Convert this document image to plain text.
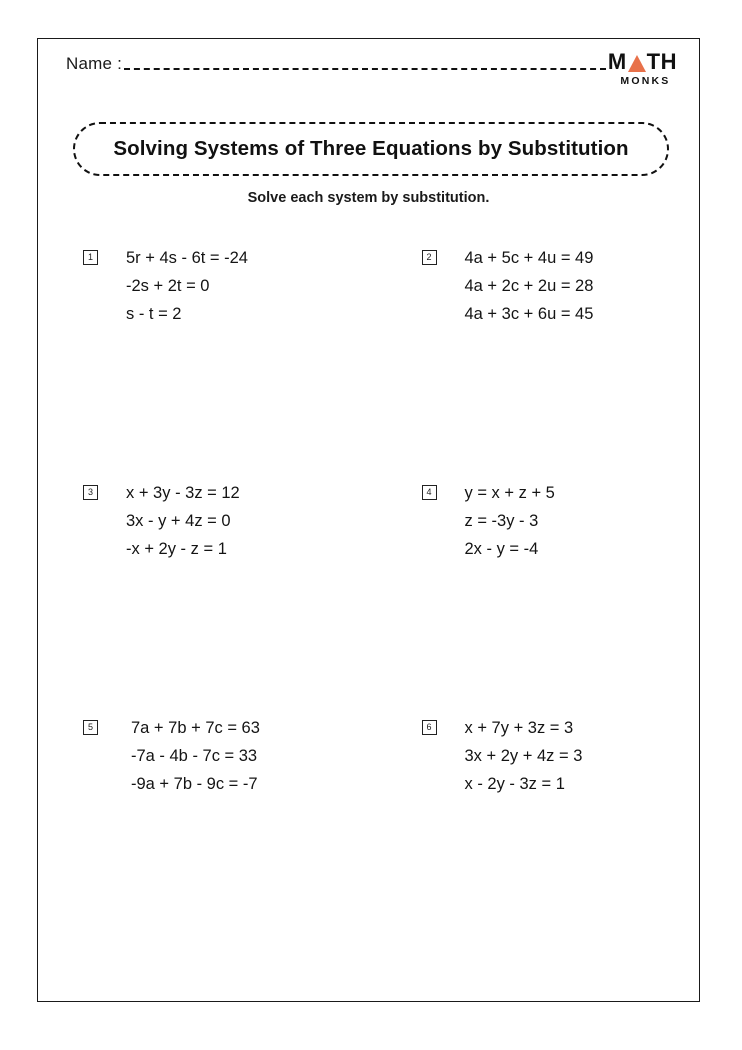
Name :	M TH
MONKS
Solving Systems of Three Equations by Substitution
Solve each system by substitution.
1	5r + 4s - 6t = -24
-2s + 2t = 0
s - t = 2
2	4a + 5c + 4u = 49
4a + 2c + 2u = 28
4a + 3c + 6u = 45
3	x + 3y - 3z = 12
3x - y + 4z = 0
-x + 2y - z = 1
4	y = x + z + 5
z = -3y - 3
2x - y = -4
5	7a + 7b + 7c = 63
-7a - 4b - 7c = 33
-9a + 7b - 9c = -7
6	x + 7y + 3z = 3
3x + 2y + 4z = 3
x - 2y - 3z = 1
